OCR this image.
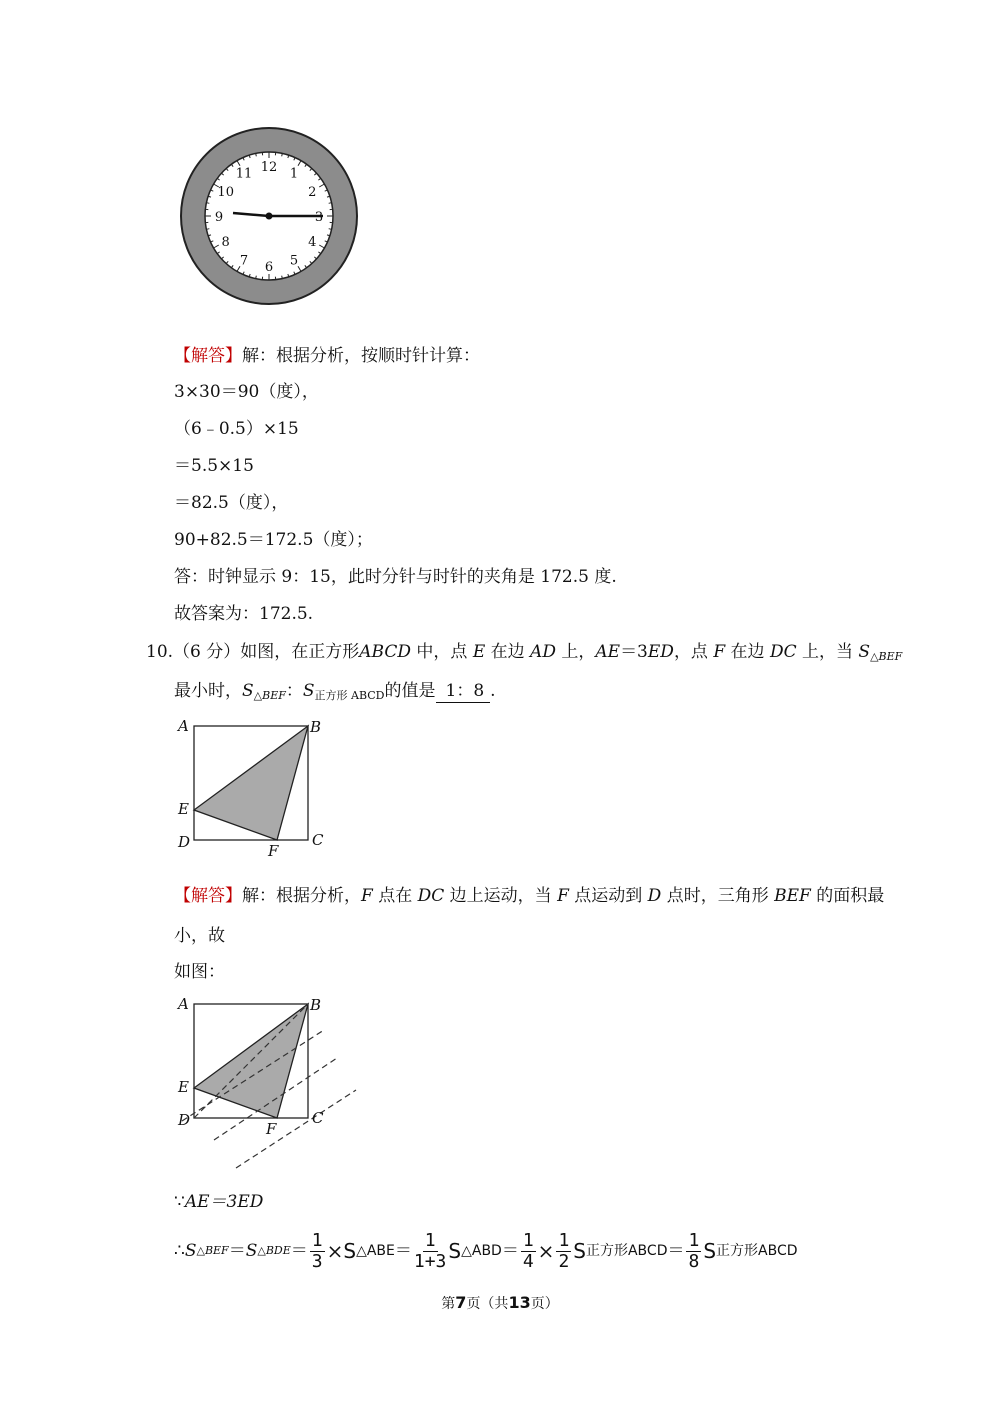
12 1
2
3
4
5
6
7
8
9
10
11
【解答】解：根据分析，按顺时针计算：
3×30＝90（度），
（6﹣0.5）×15
＝5.5×15
＝82.5（度），
90+82.5＝172.5（度）；
答：时钟显示 9：15，此时分针与时针的夹角是 172.5 度.
故答案为：172.5.
10.（6 分）如图，在正方形ABCD 中，点 E 在边 AD 上，AE＝3ED，点 F 在边 DC 上，当 $S_{\triangle BEF}$
最小时，$S_{\triangle BEF}$：$S_{正方形 ABCD}$的值是 1：8 .
A	B
C
D
E
F
【解答】解：根据分析，F 点在 DC 边上运动，当 F 点运动到 D 点时，三角形 BEF 的面积最
小，故
如图：
A	B
C
D
E
F
∵AE＝3ED
∴ S △BEF ＝ S △BDE ＝ $\frac{1}{3} \times S$ △ABE ＝ $\frac{1}{1+3}$ S △ABD ＝ $\frac{1}{4} \times \frac{1}{2}$ S 正方形ABCD ＝ $\frac{1}{8}$ S 正方形ABCD
第7页（共13页）
